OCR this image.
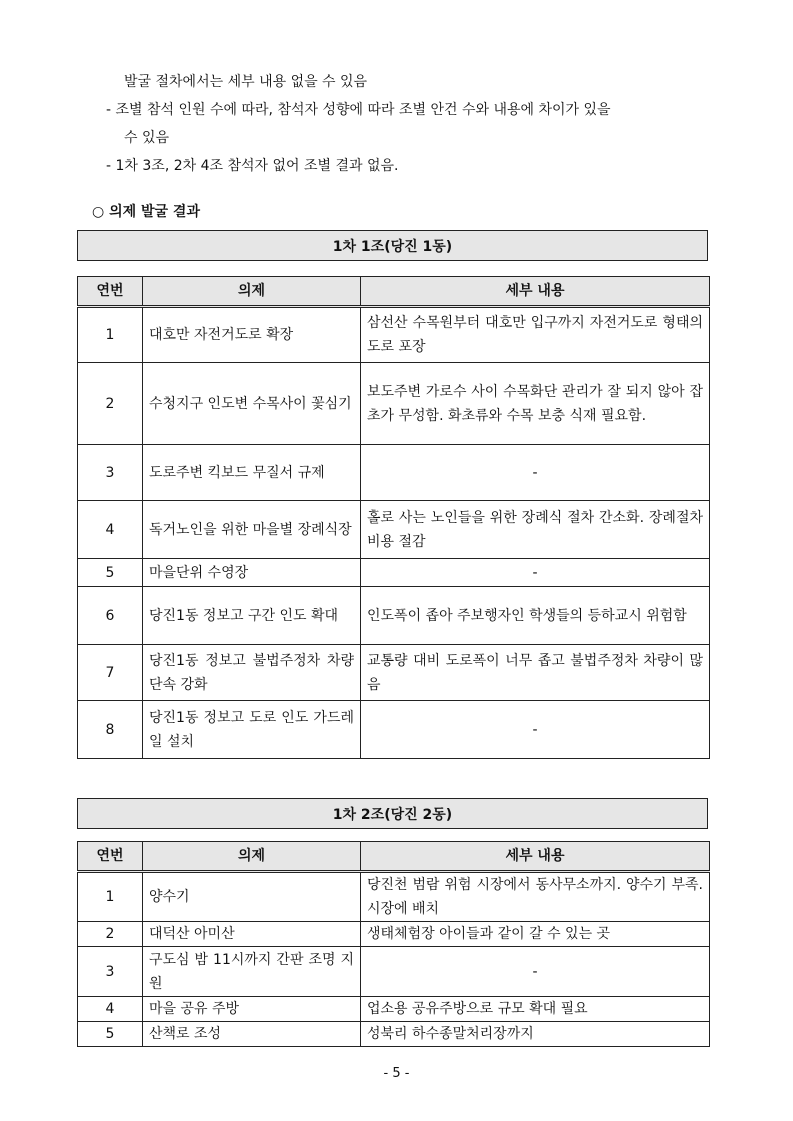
발굴 절차에서는 세부 내용 없을 수 있음
- 조별 참석 인원 수에 따라, 참석자 성향에 따라 조별 안건 수와 내용에 차이가 있을
수 있음
- 1차 3조, 2차 4조 참석자 없어 조별 결과 없음.
○ 의제 발굴 결과
1차 1조(당진 1동)
연번	의제	세부 내용
1	대호만 자전거도로 확장	삼선산 수목원부터 대호만 입구까지 자전거도로 형태의 도로 포장
2	수청지구 인도변 수목사이 꽃심기	보도주변 가로수 사이 수목화단 관리가 잘 되지 않아 잡초가 무성함. 화초류와 수목 보충 식재 필요함.
3	도로주변 킥보드 무질서 규제	-
4	독거노인을 위한 마을별 장례식장	홀로 사는 노인들을 위한 장례식 절차 간소화. 장례절차 비용 절감
5	마을단위 수영장	-
6	당진1동 정보고 구간 인도 확대	인도폭이 좁아 주보행자인 학생들의 등하교시 위험함
7	당진1동 정보고 불법주정차 차량 단속 강화	교통량 대비 도로폭이 너무 좁고 불법주정차 차량이 많음
8	당진1동 정보고 도로 인도 가드레일 설치	-
1차 2조(당진 2동)
연번	의제	세부 내용
1	양수기	당진천 범람 위험 시장에서 동사무소까지. 양수기 부족. 시장에 배치
2	대덕산 아미산	생태체험장 아이들과 같이 갈 수 있는 곳
3	구도심 밤 11시까지 간판 조명 지원	-
4	마을 공유 주방	업소용 공유주방으로 규모 확대 필요
5	산책로 조성	성북리 하수종말처리장까지
- 5 -
